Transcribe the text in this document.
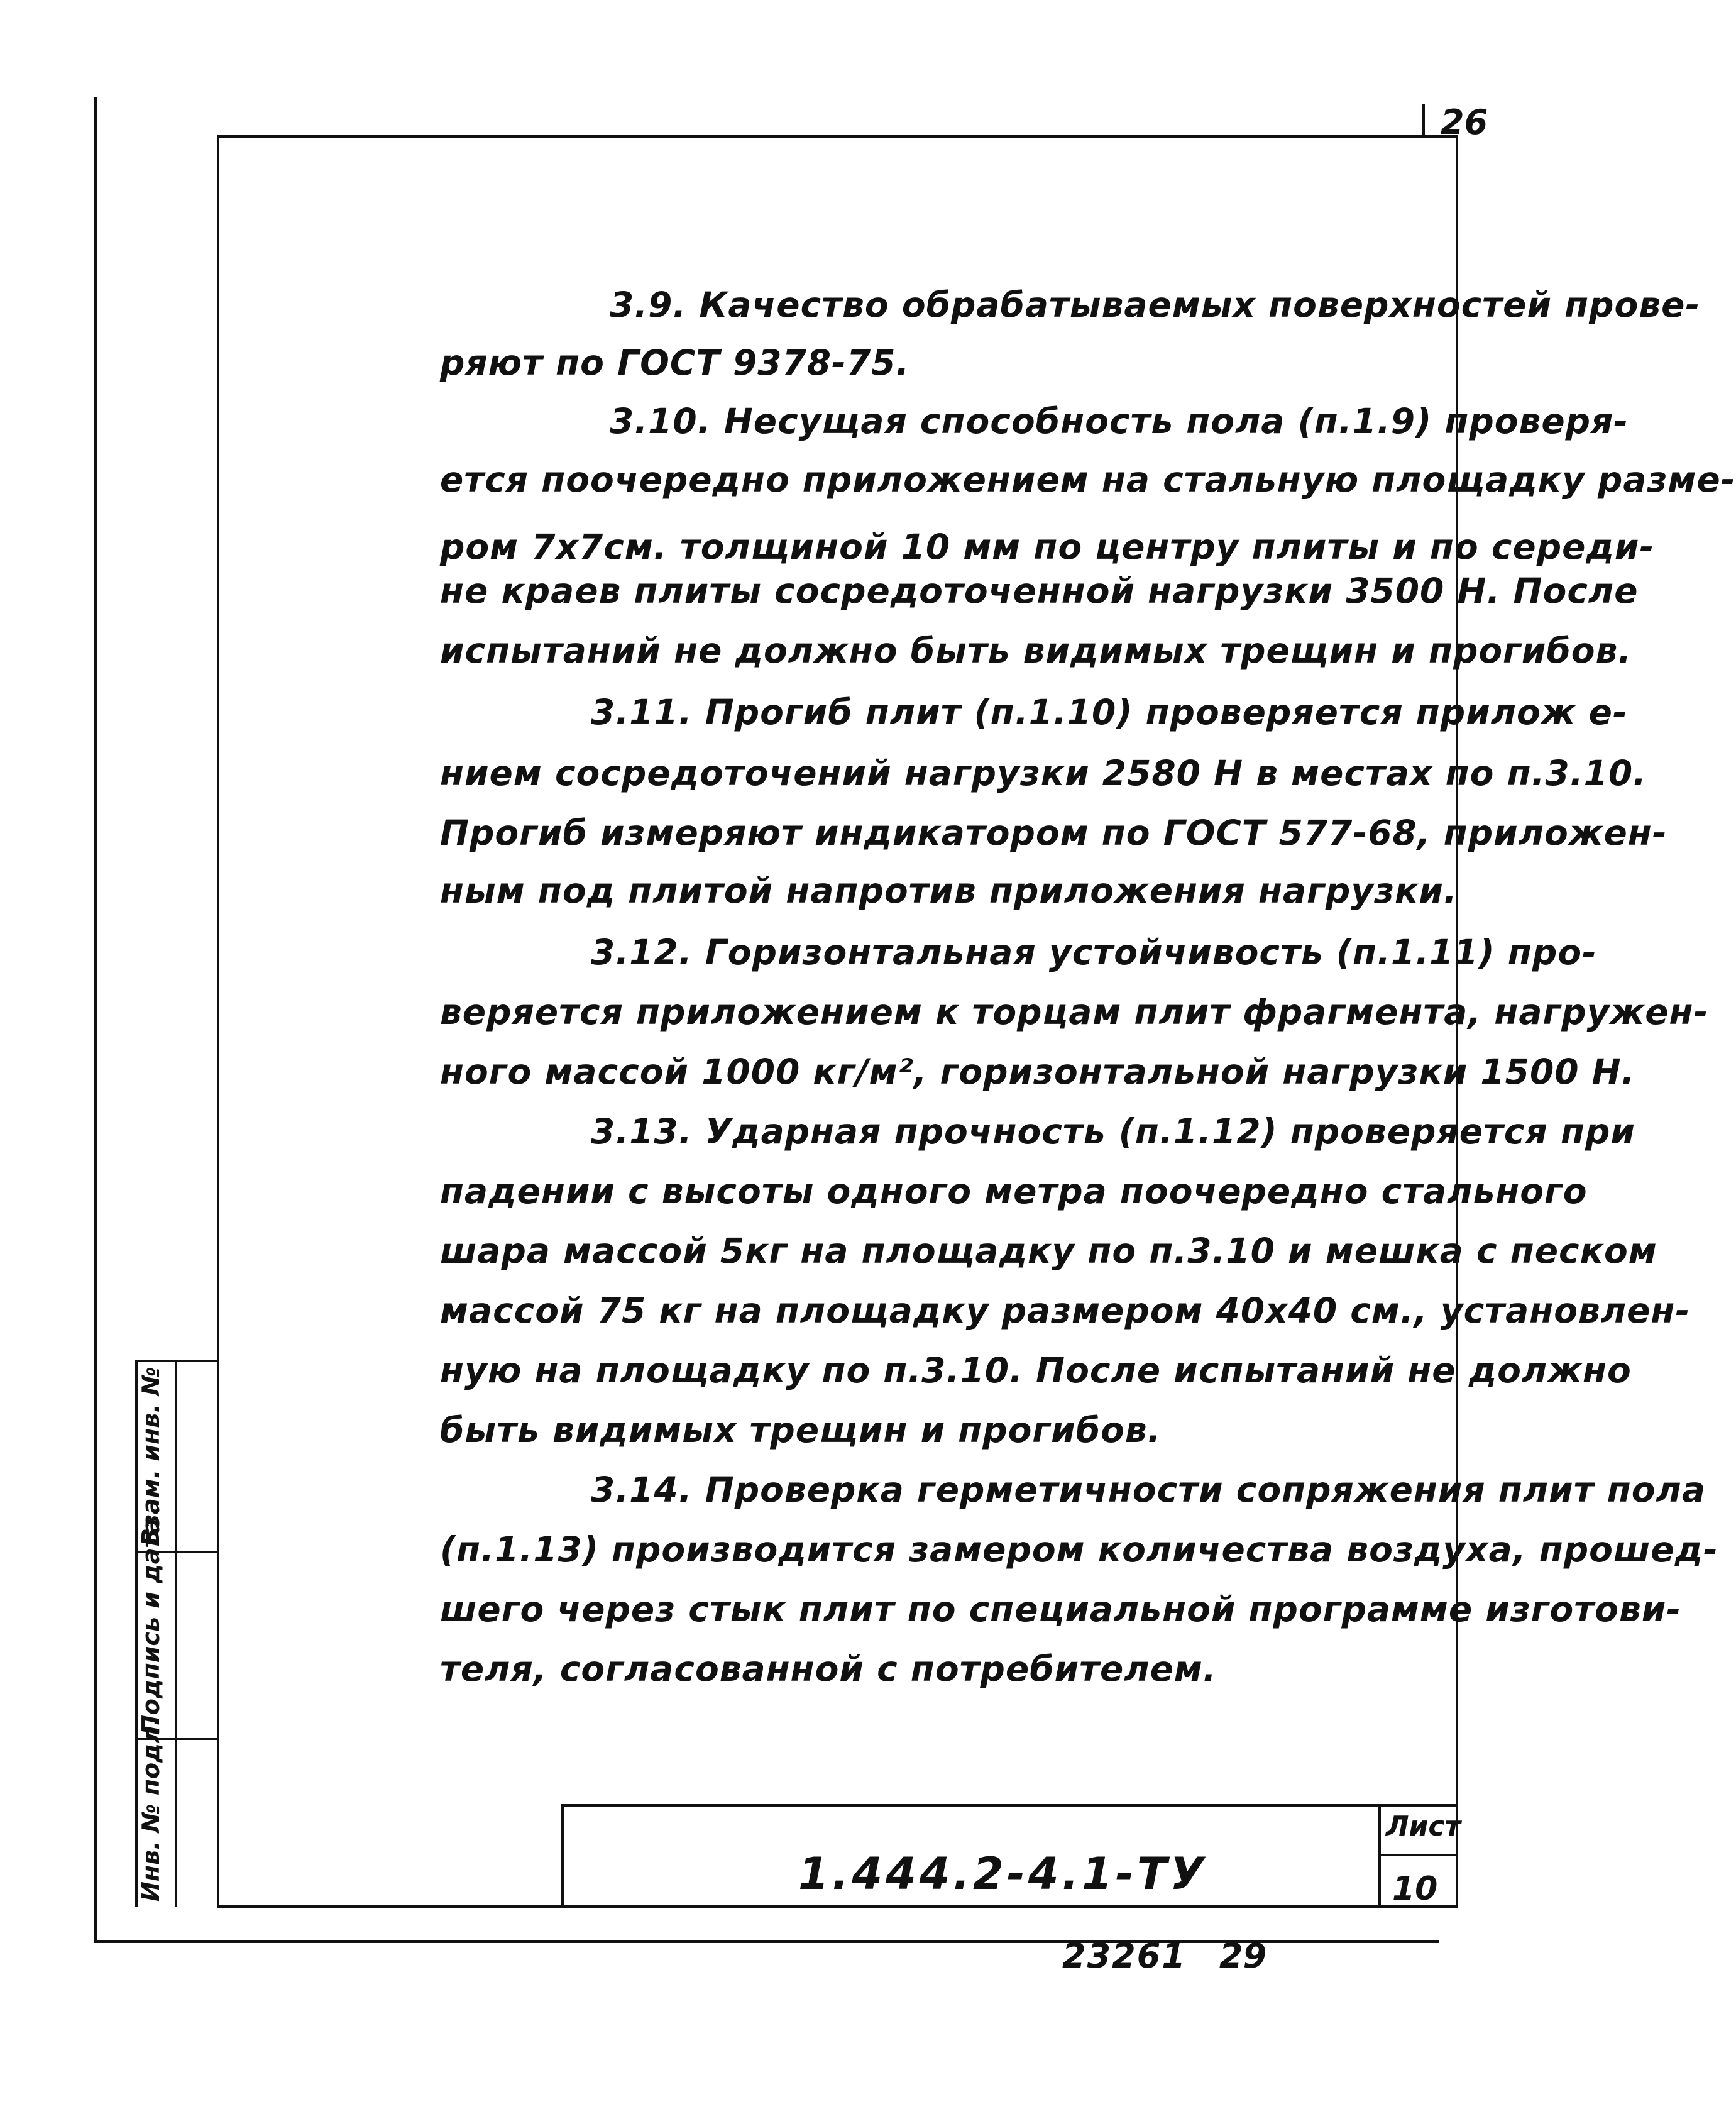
Инв. № подл.
Подпись и дата
Взам. инв. №
1.444.2-4.1-ТУ
Лист
10
26
3.9. Качество обрабатываемых поверхностей прове-
ряют по ГОСТ 9378-75.
3.10. Несущая способность пола (п.1.9) проверя-
ется поочередно приложением на стальную площадку разме-
ром 7х7см. толщиной 10 мм по центру плиты и по середи-
не краев плиты сосредоточенной нагрузки 3500 Н. После
испытаний не должно быть видимых трещин и прогибов.
3.11. Прогиб плит (п.1.10) проверяется прилож е-
нием сосредоточений нагрузки 2580 Н в местах по п.3.10.
Прогиб измеряют индикатором по ГОСТ 577-68, приложен-
ным под плитой напротив приложения нагрузки.
3.12. Горизонтальная устойчивость (п.1.11) про-
веряется приложением к торцам плит фрагмента, нагружен-
ного массой 1000 кг/м², горизонтальной нагрузки 1500 Н.
3.13. Ударная прочность (п.1.12) проверяется при
падении с высоты одного метра поочередно стального
шара массой 5кг на площадку по п.3.10 и мешка с песком
массой 75 кг на площадку размером 40х40 см., установлен-
ную на площадку по п.3.10. После испытаний не должно
быть видимых трещин и прогибов.
3.14. Проверка герметичности сопряжения плит пола
(п.1.13) производится замером количества воздуха, прошед-
шего через стык плит по специальной программе изготови-
теля, согласованной с потребителем.
23261 29
